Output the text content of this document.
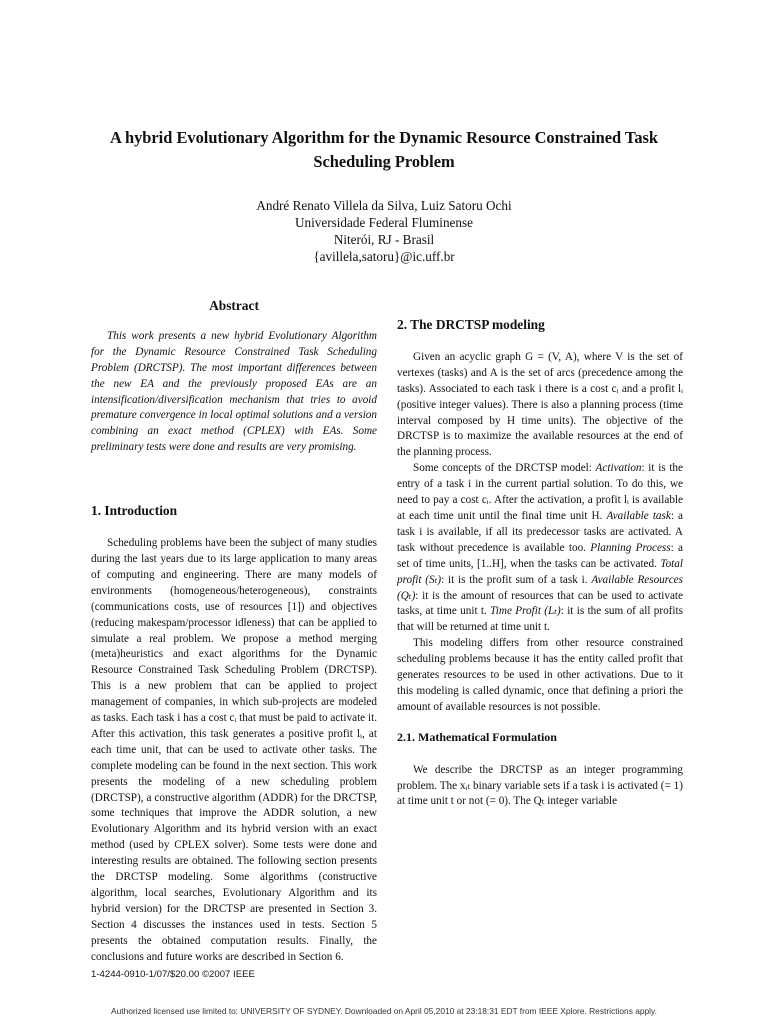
A hybrid Evolutionary Algorithm for the Dynamic Resource Constrained Task
Scheduling Problem
André Renato Villela da Silva, Luiz Satoru Ochi
Universidade Federal Fluminense
Niterói, RJ - Brasil
{avillela,satoru}@ic.uff.br
Abstract

This work presents a new hybrid Evolutionary Algorithm for the Dynamic Resource Constrained Task Scheduling Problem (DRCTSP). The most important differences between the new EA and the previously proposed EAs are an intensification/diversification mechanism that tries to avoid premature convergence in local optimal solutions and a version combining an exact method (CPLEX) with EAs. Some preliminary tests were done and results are very promising.

1. Introduction

Scheduling problems have been the subject of many studies during the last years due to its large application to many areas of computing and engineering. There are many models of environments (homogeneous/heterogeneous), constraints (communications costs, use of resources [1]) and objectives (reducing makespam/processor idleness) that can be applied to simulate a real problem. We propose a method merging (meta)heuristics and exact algorithms for the Dynamic Resource Constrained Task Scheduling Problem (DRCTSP). This is a new problem that can be applied to project management of companies, in which sub-projects are modeled as tasks. Each task i has a cost cᵢ that must be paid to activate it. After this activation, this task generates a positive profit lᵢ, at each time unit, that can be used to activate other tasks. The complete modeling can be found in the next section. This work presents the modeling of a new scheduling problem (DRCTSP), a constructive algorithm (ADDR) for the DRCTSP, some techniques that improve the ADDR solution, a new Evolutionary Algorithm and its hybrid version with an exact method (used by CPLEX solver). Some tests were done and interesting results are obtained. The following section presents the DRCTSP modeling. Some algorithms (constructive algorithm, local searches, Evolutionary Algorithm and its hybrid version) for the DRCTSP are presented in Section 3. Section 4 discusses the instances used in tests. Section 5 presents the obtained computation results. Finally, the conclusions and future works are described in Section 6.

2. The DRCTSP modeling

Given an acyclic graph G = (V, A), where V is the set of vertexes (tasks) and A is the set of arcs (precedence among the tasks). Associated to each task i there is a cost cᵢ and a profit lᵢ (positive integer values). There is also a planning process (time interval composed by H time units). The objective of the DRCTSP is to maximize the available resources at the end of the planning process.

Some concepts of the DRCTSP model: Activation: it is the entry of a task i in the current partial solution. To do this, we need to pay a cost cᵢ. After the activation, a profit lᵢ is available at each time unit until the final time unit H. Available task: a task i is available, if all its predecessor tasks are activated. A task without precedence is available too. Planning Process: a set of time units, [1..H], when the tasks can be activated. Total profit (Sₜ): it is the profit sum of a task i. Available Resources (Qₜ): it is the amount of resources that can be used to activate tasks, at time unit t. Time Profit (Lₜ): it is the sum of all profits that will be returned at time unit t.

This modeling differs from other resource constrained scheduling problems because it has the entity called profit that generates resources to be used in other activations. Due to it this modeling is called dynamic, once that defining a priori the amount of available resources is not possible.

2.1. Mathematical Formulation

We describe the DRCTSP as an integer programming problem. The xᵢₜ binary variable sets if a task i is activated (= 1) at time unit t or not (= 0). The Qₜ integer variable

1-4244-0910-1/07/$20.00 ©2007 IEEE
Authorized licensed use limited to: UNIVERSITY OF SYDNEY. Downloaded on April 05,2010 at 23:18:31 EDT from IEEE Xplore. Restrictions apply.
